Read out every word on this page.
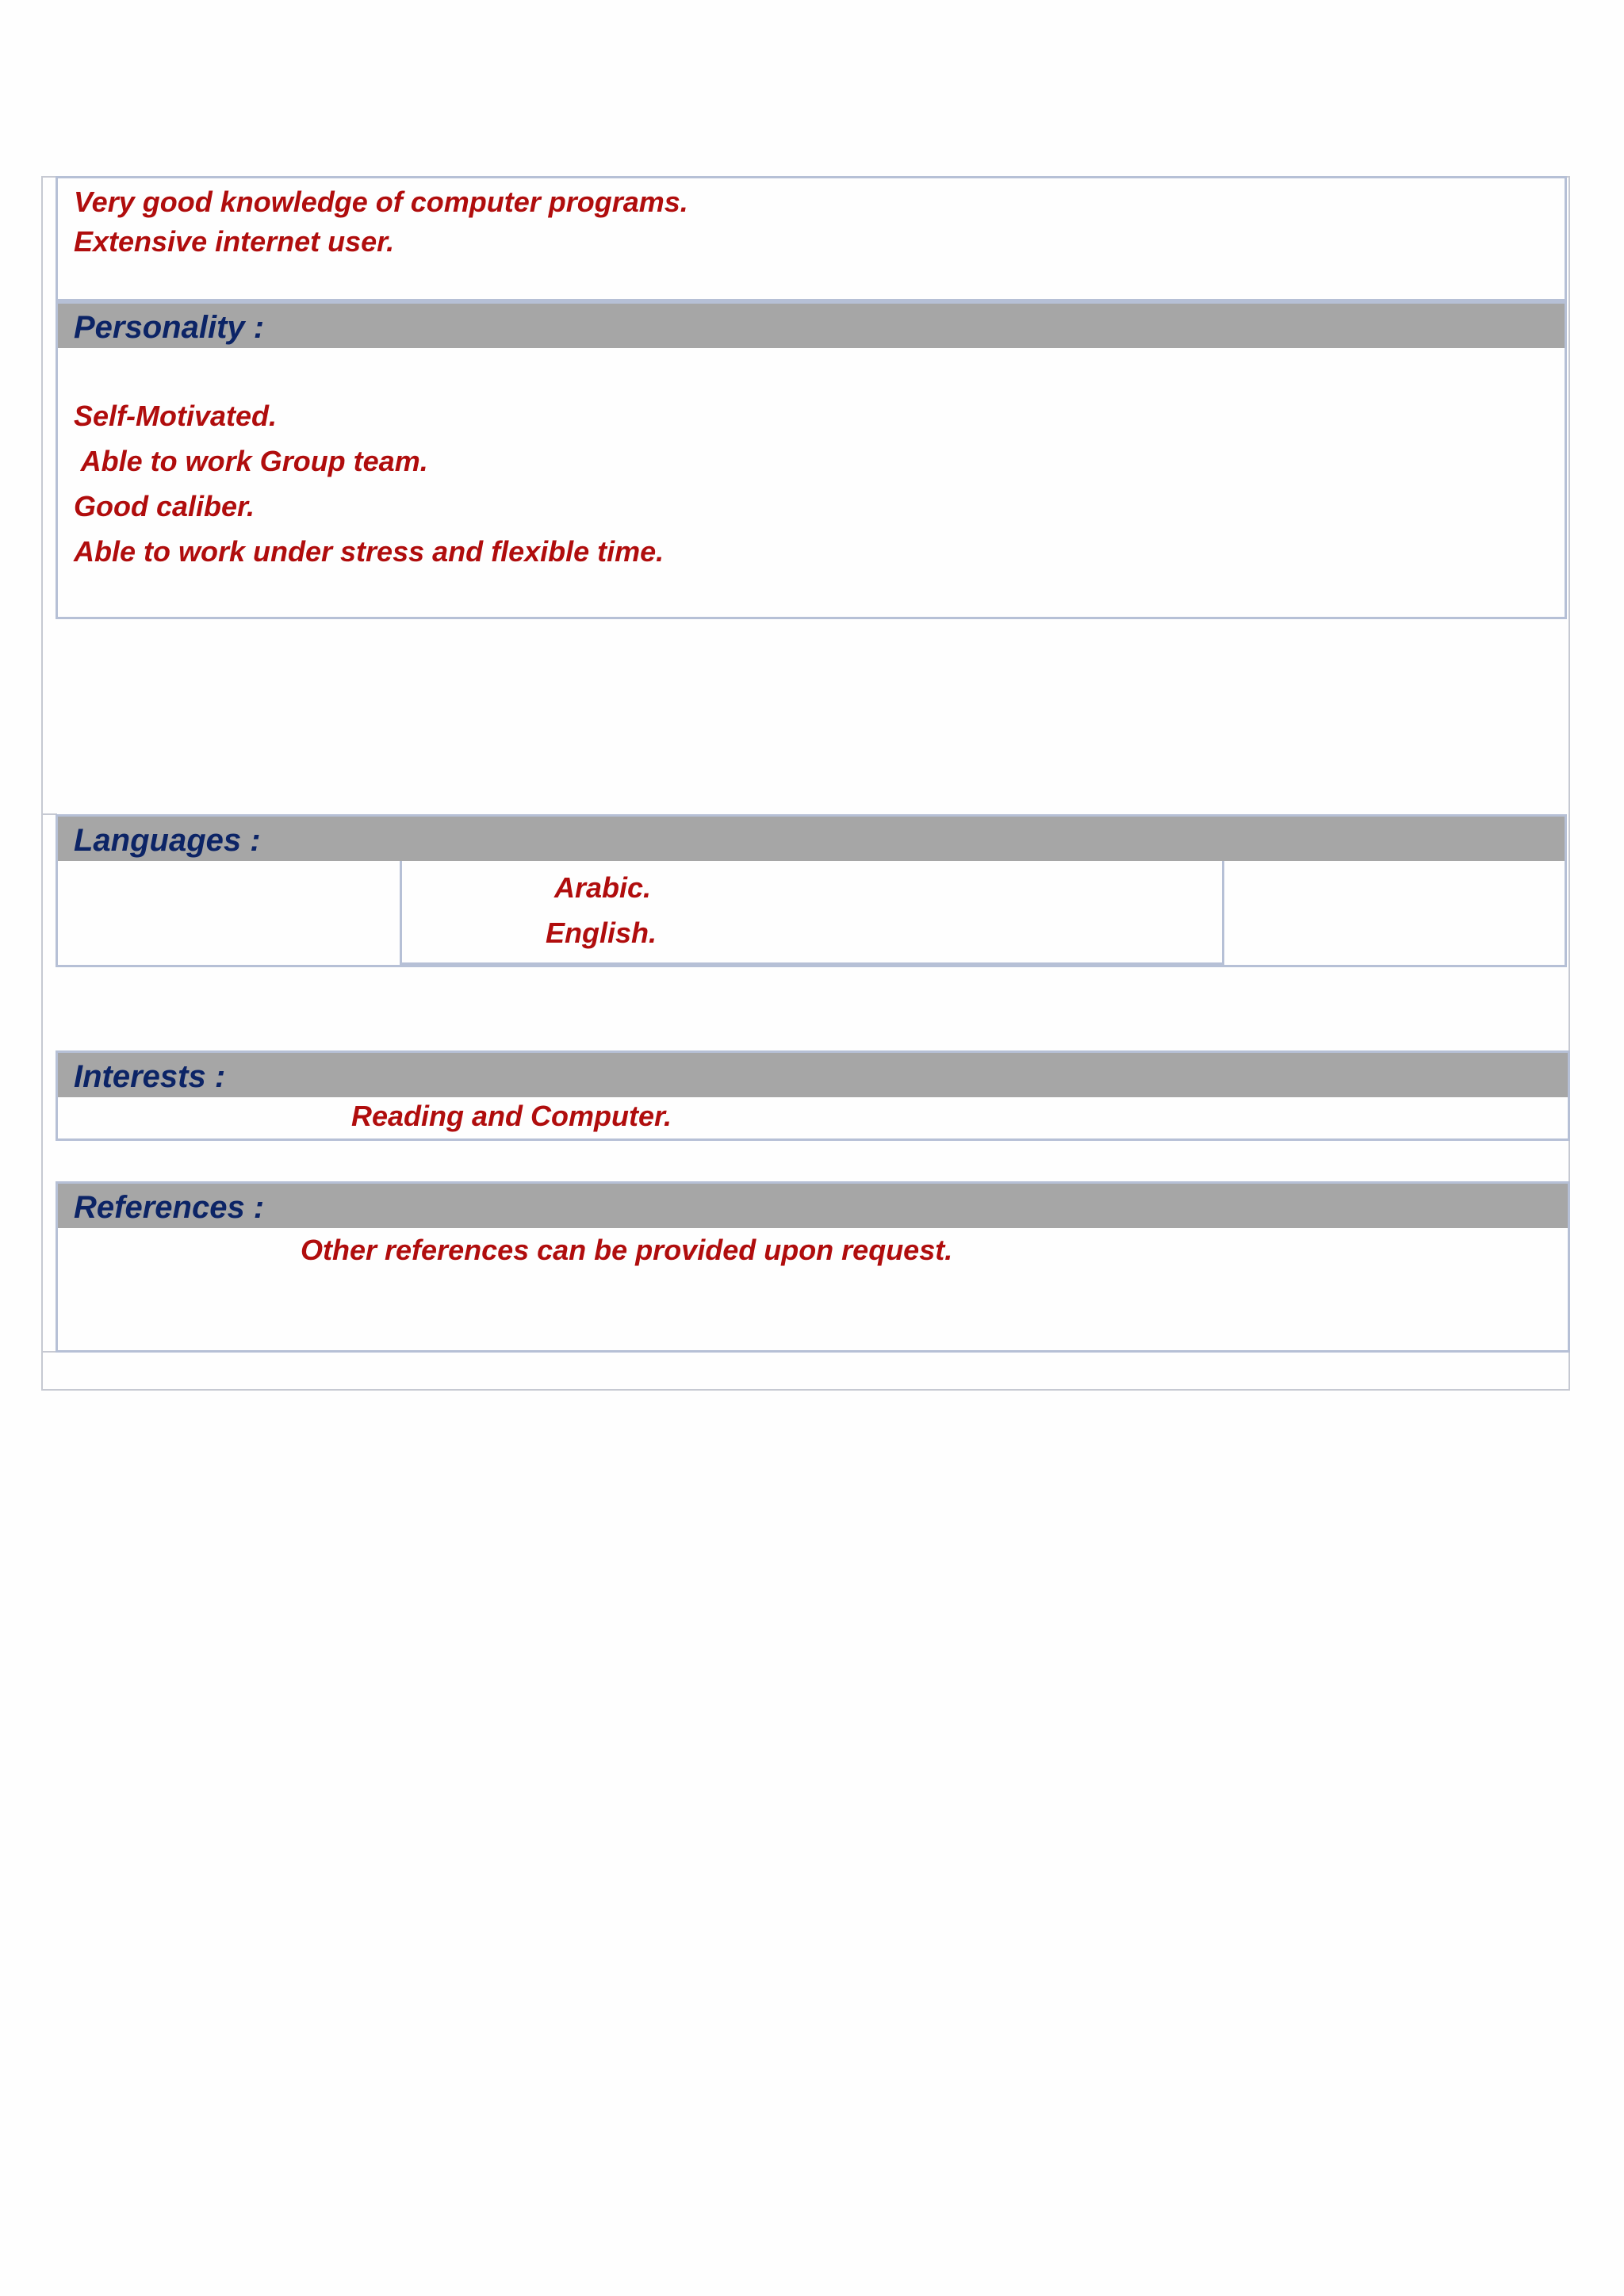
Very good knowledge of computer programs.
Extensive internet user.
Personality :
Self-Motivated.
Able to work Group team.
Good caliber.
Able to work under stress and flexible time.
Languages :
Arabic.
English.
Interests :
Reading and Computer.
References :
Other references can be provided upon request.
